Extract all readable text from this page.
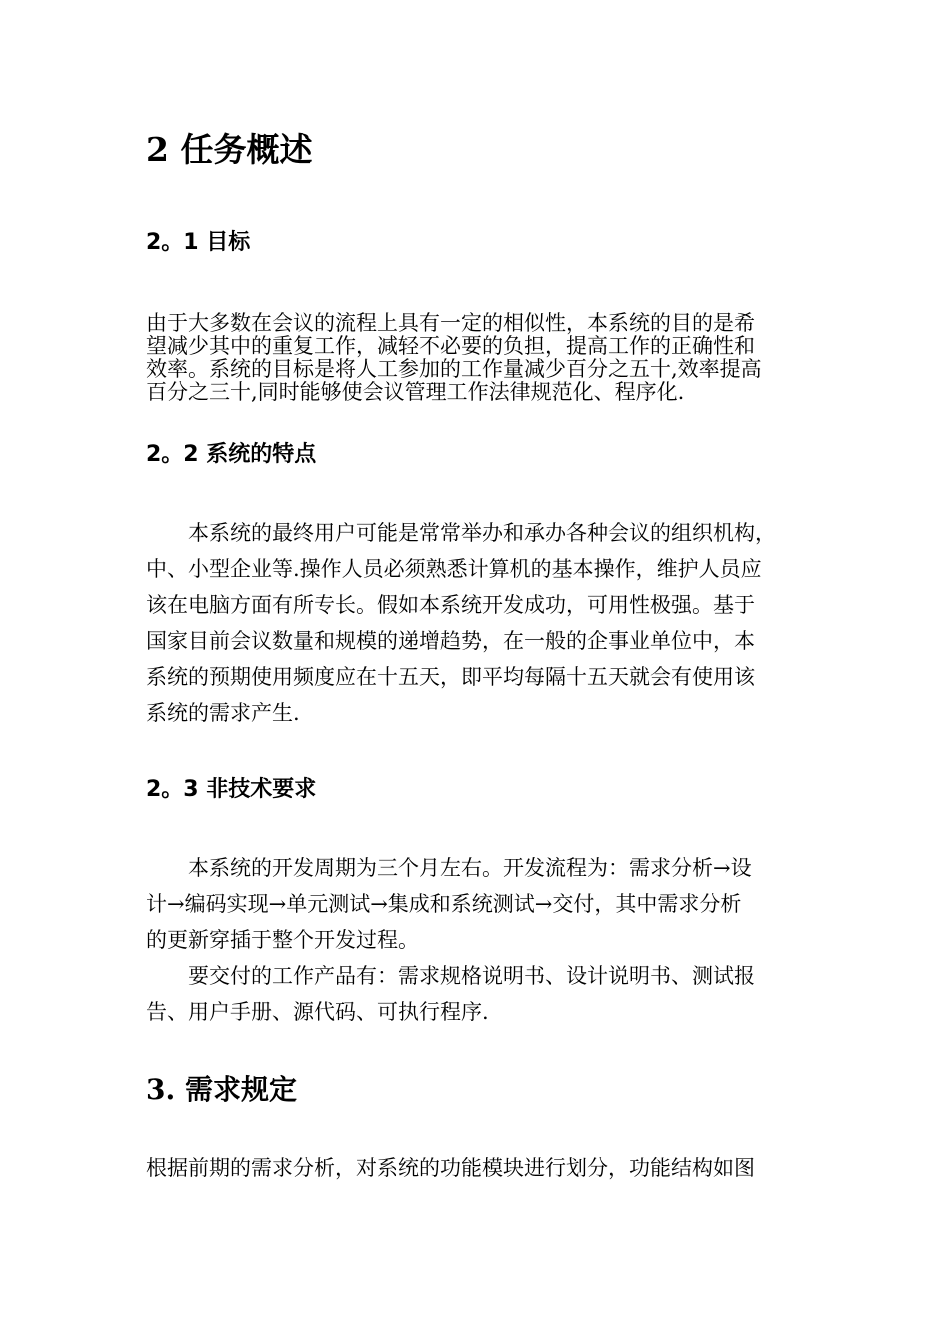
2 任务概述
2。1 目标
由于大多数在会议的流程上具有一定的相似性，本系统的目的是希
望减少其中的重复工作，减轻不必要的负担，提高工作的正确性和
效率。系统的目标是将人工参加的工作量减少百分之五十,效率提高
百分之三十,同时能够使会议管理工作法律规范化、程序化.
2。2 系统的特点
本系统的最终用户可能是常常举办和承办各种会议的组织机构，
中、小型企业等.操作人员必须熟悉计算机的基本操作，维护人员应
该在电脑方面有所专长。假如本系统开发成功，可用性极强。基于
国家目前会议数量和规模的递增趋势，在一般的企事业单位中，本
系统的预期使用频度应在十五天，即平均每隔十五天就会有使用该
系统的需求产生.
2。3 非技术要求
本系统的开发周期为三个月左右。开发流程为：需求分析→设
计→编码实现→单元测试→集成和系统测试→交付，其中需求分析
的更新穿插于整个开发过程。
要交付的工作产品有：需求规格说明书、设计说明书、测试报
告、用户手册、源代码、可执行程序.
3. 需求规定
根据前期的需求分析，对系统的功能模块进行划分，功能结构如图
